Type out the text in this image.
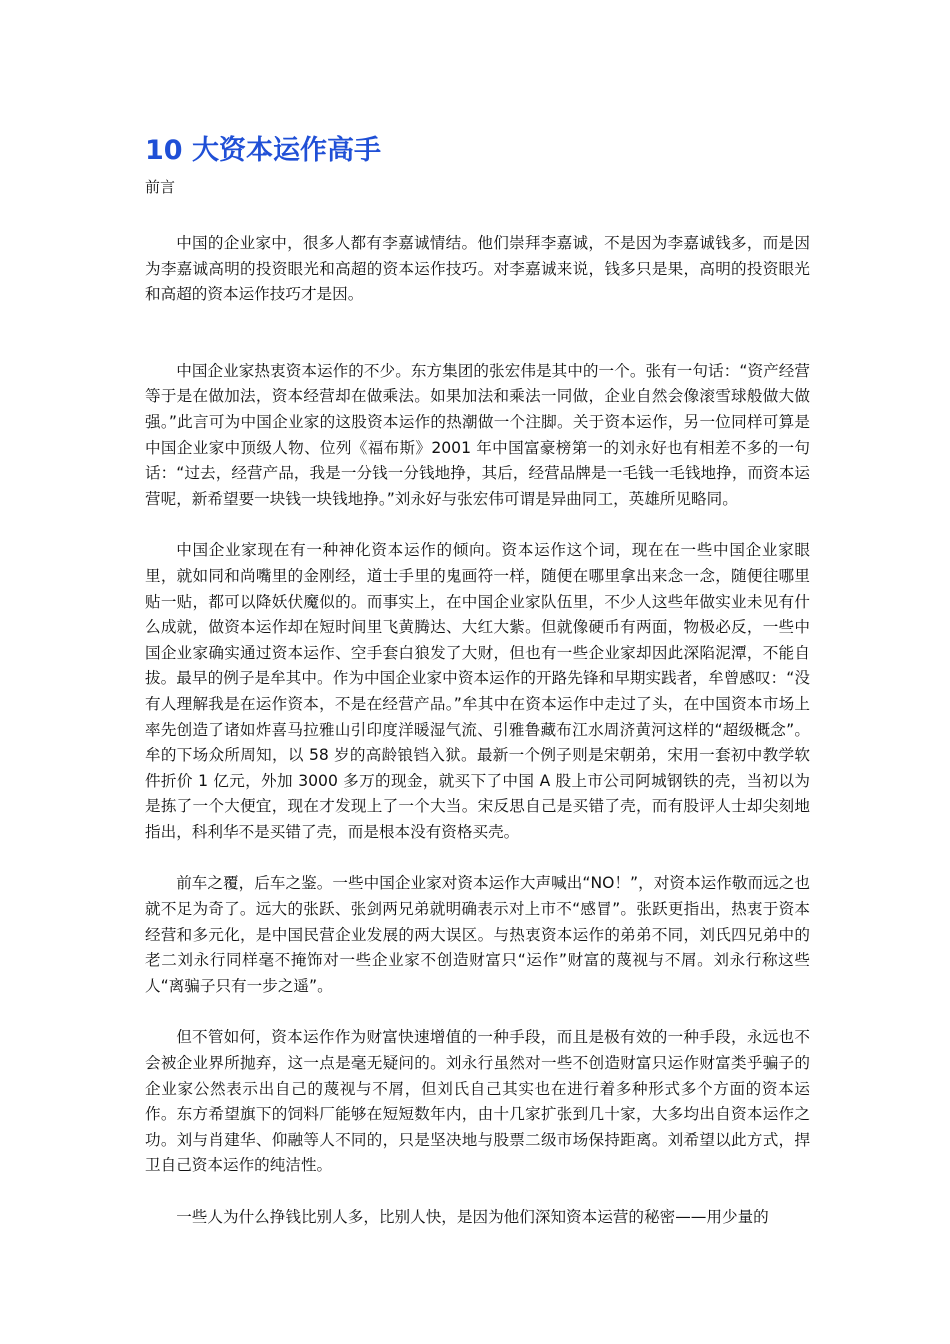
10 大资本运作高手
前言

中国的企业家中，很多人都有李嘉诚情结。他们崇拜李嘉诚，不是因为李嘉诚钱多，而是因为李嘉诚高明的投资眼光和高超的资本运作技巧。对李嘉诚来说，钱多只是果，高明的投资眼光和高超的资本运作技巧才是因。

中国企业家热衷资本运作的不少。东方集团的张宏伟是其中的一个。张有一句话：“资产经营等于是在做加法，资本经营却在做乘法。如果加法和乘法一同做，企业自然会像滚雪球般做大做强。”此言可为中国企业家的这股资本运作的热潮做一个注脚。关于资本运作，另一位同样可算是中国企业家中顶级人物、位列《福布斯》2001 年中国富豪榜第一的刘永好也有相差不多的一句话：“过去，经营产品，我是一分钱一分钱地挣，其后，经营品牌是一毛钱一毛钱地挣，而资本运营呢，新希望要一块钱一块钱地挣。”刘永好与张宏伟可谓是异曲同工，英雄所见略同。

中国企业家现在有一种神化资本运作的倾向。资本运作这个词，现在在一些中国企业家眼里，就如同和尚嘴里的金刚经，道士手里的鬼画符一样，随便在哪里拿出来念一念，随便往哪里贴一贴，都可以降妖伏魔似的。而事实上，在中国企业家队伍里，不少人这些年做实业未见有什么成就，做资本运作却在短时间里飞黄腾达、大红大紫。但就像硬币有两面，物极必反，一些中国企业家确实通过资本运作、空手套白狼发了大财，但也有一些企业家却因此深陷泥潭，不能自拔。最早的例子是牟其中。作为中国企业家中资本运作的开路先锋和早期实践者，牟曾感叹：“没有人理解我是在运作资本，不是在经营产品。”牟其中在资本运作中走过了头，在中国资本市场上率先创造了诸如炸喜马拉雅山引印度洋暖湿气流、引雅鲁藏布江水周济黄河这样的“超级概念”。牟的下场众所周知，以 58 岁的高龄锒铛入狱。最新一个例子则是宋朝弟，宋用一套初中教学软件折价 1 亿元，外加 3000 多万的现金，就买下了中国 A 股上市公司阿城钢铁的壳，当初以为是拣了一个大便宜，现在才发现上了一个大当。宋反思自己是买错了壳，而有股评人士却尖刻地指出，科利华不是买错了壳，而是根本没有资格买壳。

前车之覆，后车之鉴。一些中国企业家对资本运作大声喊出“NO！”，对资本运作敬而远之也就不足为奇了。远大的张跃、张剑两兄弟就明确表示对上市不“感冒”。张跃更指出，热衷于资本经营和多元化，是中国民营企业发展的两大误区。与热衷资本运作的弟弟不同，刘氏四兄弟中的老二刘永行同样毫不掩饰对一些企业家不创造财富只“运作”财富的蔑视与不屑。刘永行称这些人“离骗子只有一步之遥”。

但不管如何，资本运作作为财富快速增值的一种手段，而且是极有效的一种手段，永远也不会被企业界所抛弃，这一点是毫无疑问的。刘永行虽然对一些不创造财富只运作财富类乎骗子的企业家公然表示出自己的蔑视与不屑，但刘氏自己其实也在进行着多种形式多个方面的资本运作。东方希望旗下的饲料厂能够在短短数年内，由十几家扩张到几十家，大多均出自资本运作之功。刘与肖建华、仰融等人不同的，只是坚决地与股票二级市场保持距离。刘希望以此方式，捍卫自己资本运作的纯洁性。

一些人为什么挣钱比别人多，比别人快，是因为他们深知资本运营的秘密——用少量的
